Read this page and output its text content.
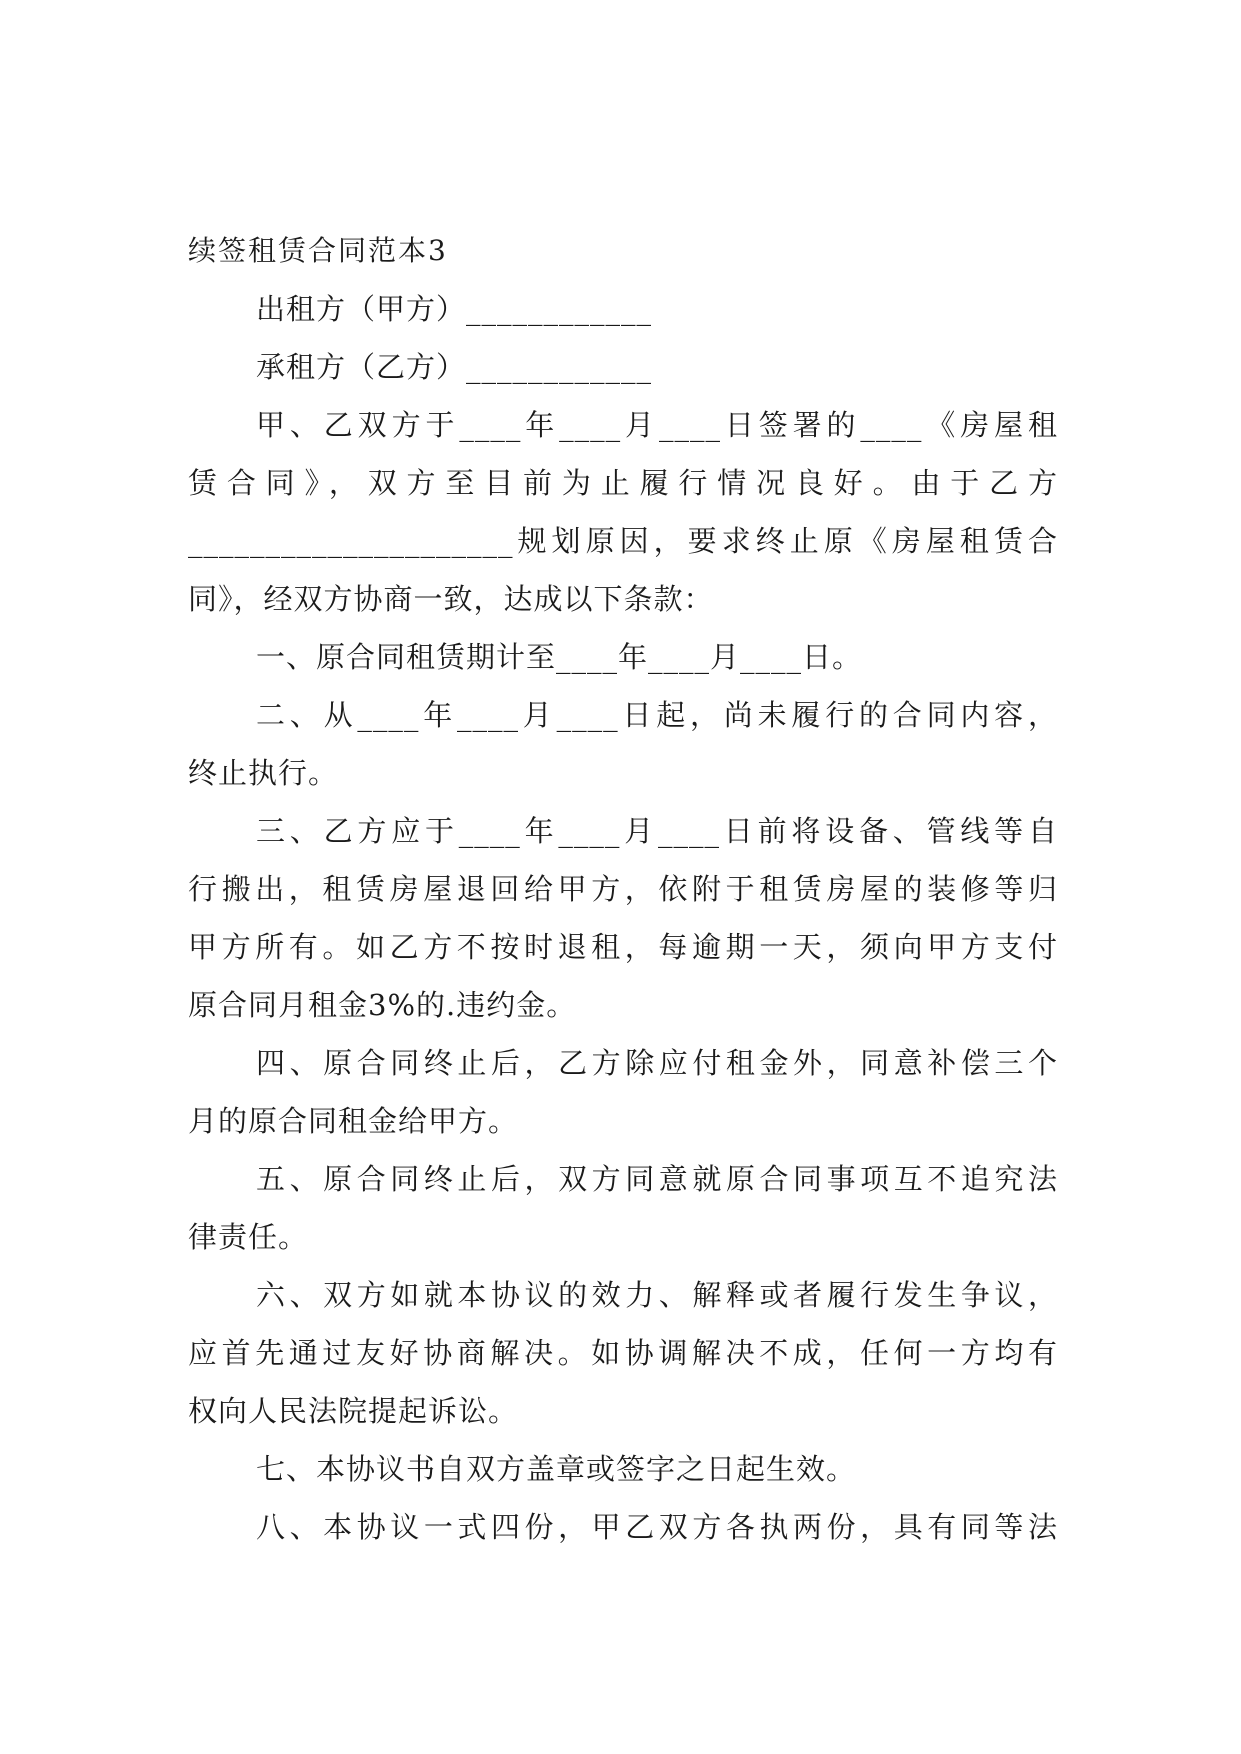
续签租赁合同范本3

出租方（甲方）____________

承租方（乙方）____________

甲、乙双方于____年____月____日签署的____《房屋租

赁合同》，双方至目前为止履行情况良好。由于乙方

_____________________规划原因，要求终止原《房屋租赁合

同》，经双方协商一致，达成以下条款：

一、原合同租赁期计至____年____月____日。

二、从____年____月____日起，尚未履行的合同内容，

终止执行。

三、乙方应于____年____月____日前将设备、管线等自

行搬出，租赁房屋退回给甲方，依附于租赁房屋的装修等归

甲方所有。如乙方不按时退租，每逾期一天，须向甲方支付

原合同月租金3%的.违约金。

四、原合同终止后，乙方除应付租金外，同意补偿三个

月的原合同租金给甲方。

五、原合同终止后，双方同意就原合同事项互不追究法

律责任。

六、双方如就本协议的效力、解释或者履行发生争议，

应首先通过友好协商解决。如协调解决不成，任何一方均有

权向人民法院提起诉讼。

七、本协议书自双方盖章或签字之日起生效。

八、本协议一式四份，甲乙双方各执两份，具有同等法
